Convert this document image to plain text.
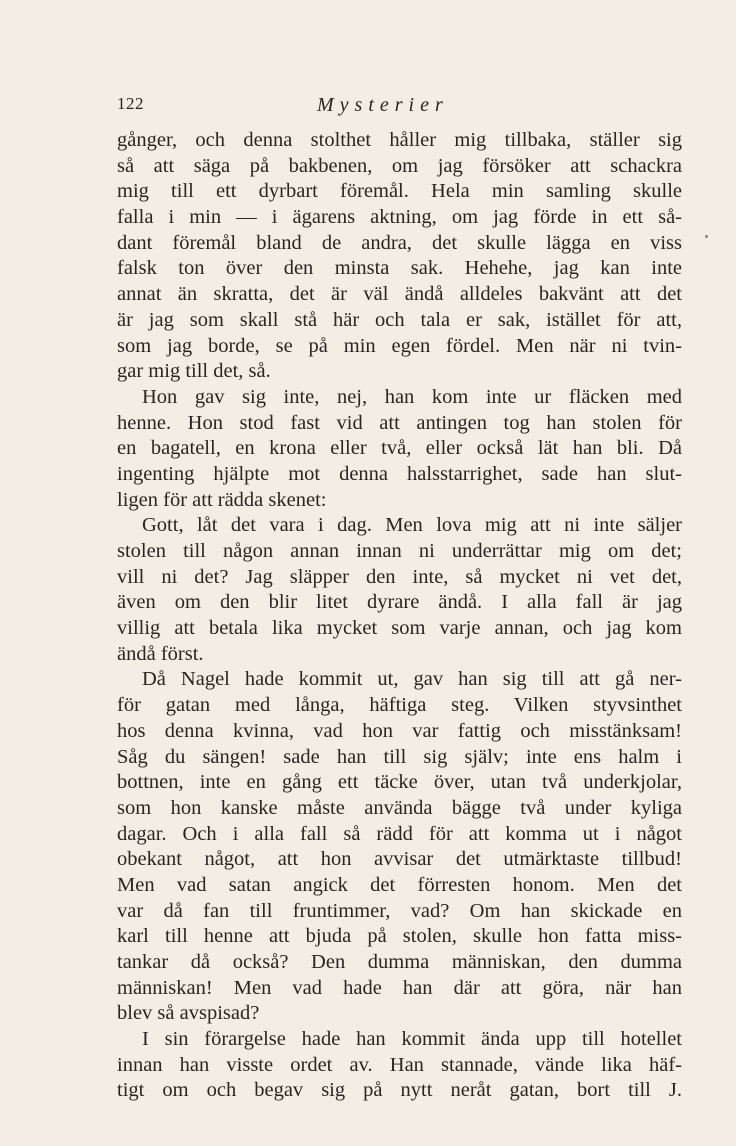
122	Mysterier
gånger, och denna stolthet håller mig tillbaka, ställer sig
så att säga på bakbenen, om jag försöker att schackra
mig till ett dyrbart föremål. Hela min samling skulle
falla i min — i ägarens aktning, om jag förde in ett så-
dant föremål bland de andra, det skulle lägga en viss
falsk ton över den minsta sak. Hehehe, jag kan inte
annat än skratta, det är väl ändå alldeles bakvänt att det
är jag som skall stå här och tala er sak, istället för att,
som jag borde, se på min egen fördel. Men när ni tvin-
gar mig till det, så.
Hon gav sig inte, nej, han kom inte ur fläcken med
henne. Hon stod fast vid att antingen tog han stolen för
en bagatell, en krona eller två, eller också lät han bli. Då
ingenting hjälpte mot denna halsstarrighet, sade han slut-
ligen för att rädda skenet:
Gott, låt det vara i dag. Men lova mig att ni inte säljer
stolen till någon annan innan ni underrättar mig om det;
vill ni det? Jag släpper den inte, så mycket ni vet det,
även om den blir litet dyrare ändå. I alla fall är jag
villig att betala lika mycket som varje annan, och jag kom
ändå först.
Då Nagel hade kommit ut, gav han sig till att gå ner-
för gatan med långa, häftiga steg. Vilken styvsinthet
hos denna kvinna, vad hon var fattig och misstänksam!
Såg du sängen! sade han till sig själv; inte ens halm i
bottnen, inte en gång ett täcke över, utan två underkjolar,
som hon kanske måste använda bägge två under kyliga
dagar. Och i alla fall så rädd för att komma ut i något
obekant något, att hon avvisar det utmärktaste tillbud!
Men vad satan angick det förresten honom. Men det
var då fan till fruntimmer, vad? Om han skickade en
karl till henne att bjuda på stolen, skulle hon fatta miss-
tankar då också? Den dumma människan, den dumma
människan! Men vad hade han där att göra, när han
blev så avspisad?
I sin förargelse hade han kommit ända upp till hotellet
innan han visste ordet av. Han stannade, vände lika häf-
tigt om och begav sig på nytt neråt gatan, bort till J.
